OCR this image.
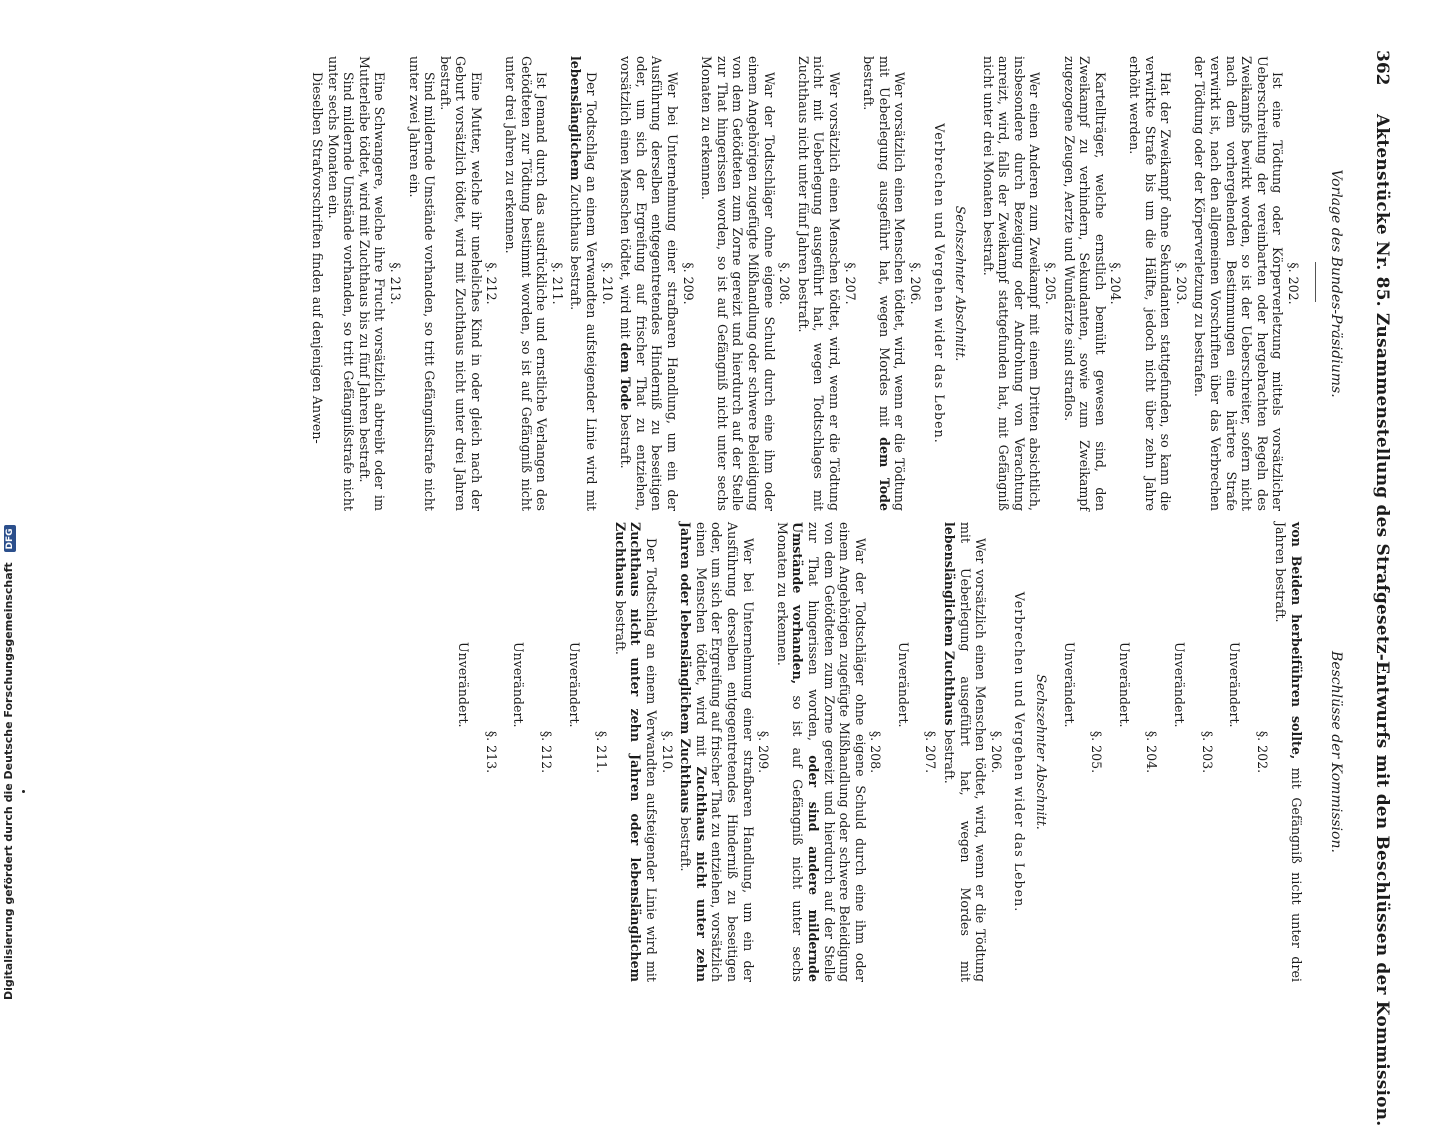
362
Aktenstücke Nr. 85. Zusammenstellung des Strafgesetz-Entwurfs mit den Beschlüssen der Kommission.
Vorlage des Bundes-Präsidiums.
Beschlüsse der Kommission.
§. 202.

Ist eine Tödtung oder Körperverletzung mittels vorsätzlicher Ueberschreitung der vereinbarten oder hergebrachten Regeln des Zweikampfs bewirkt worden, so ist der Ueberschreiter, sofern nicht nach dem vorhergehenden Bestimmungen eine härtere Strafe verwirkt ist, nach den allgemeinen Vorschriften über das Verbrechen der Tödtung oder der Körperverletzung zu bestrafen.

§. 203.

Hat der Zweikampf ohne Sekundanten stattgefunden, so kann die verwirkte Strafe bis um die Hälfte, jedoch nicht über zehn Jahre erhöht werden.

§. 204.

Kartellträger, welche ernstlich bemüht gewesen sind, den Zweikampf zu verhindern, Sekundanten, sowie zum Zweikampf zugezogene Zeugen, Aerzte und Wundärzte sind straflos.

§. 205.

Wer einen Anderen zum Zweikampf mit einem Dritten absichtlich, insbesondere durch Bezeigung oder Androhung von Verachtung anreizt, wird, falls der Zweikampf stattgefunden hat, mit Gefängniß nicht unter drei Monaten bestraft.

Sechszehnter Abschnitt.
Verbrechen und Vergehen wider das Leben.
§. 206.

Wer vorsätzlich einen Menschen tödtet, wird, wenn er die Tödtung mit Ueberlegung ausgeführt hat, wegen Mordes mit dem Tode bestraft.

§. 207.

Wer vorsätzlich einen Menschen tödtet, wird, wenn er die Tödtung nicht mit Ueberlegung ausgeführt hat, wegen Todtschlages mit Zuchthaus nicht unter fünf Jahren bestraft.

§. 208.

War der Todtschläger ohne eigene Schuld durch eine ihm oder einem Angehörigen zugefügte Mißhandlung oder schwere Beleidigung von dem Getödteten zum Zorne gereizt und hierdurch auf der Stelle zur That hingerissen worden, so ist auf Gefängniß nicht unter sechs Monaten zu erkennen.

§. 209.

Wer bei Unternehmung einer strafbaren Handlung, um ein der Ausführung derselben entgegentretendes Hinderniß zu beseitigen oder, um sich der Ergreifung auf frischer That zu entziehen, vorsätzlich einen Menschen tödtet, wird mit dem Tode bestraft.

§. 210.

Der Todtschlag an einem Verwandten aufsteigender Linie wird mit lebenslänglichem Zuchthaus bestraft.

§. 211.

Ist Jemand durch das ausdrückliche und ernstliche Verlangen des Getödteten zur Tödtung bestimmt worden, so ist auf Gefängniß nicht unter drei Jahren zu erkennen.

§. 212.

Eine Mutter, welche ihr uneheliches Kind in oder gleich nach der Geburt vorsätzlich tödtet, wird mit Zuchthaus nicht unter drei Jahren bestraft.

Sind mildernde Umstände vorhanden, so tritt Gefängnißstrafe nicht unter zwei Jahren ein.

§. 213.

Eine Schwangere, welche ihre Frucht vorsätzlich abtreibt oder im Mutterleibe tödtet, wird mit Zuchthaus bis zu fünf Jahren bestraft.

Sind mildernde Umstände vorhanden, so tritt Gefängnißstrafe nicht unter sechs Monaten ein.

Dieselben Strafvorschriften finden auf denjenigen Anwen-

von Beiden herbeiführen sollte, mit Gefängniß nicht unter drei Jahren bestraft.

§. 202.
Unverändert.
§. 203.
Unverändert.
§. 204.
Unverändert.
§. 205.
Unverändert.
Sechszehnter Abschnitt.
Verbrechen und Vergehen wider das Leben.
§. 206.

Wer vorsätzlich einen Menschen tödtet, wird, wenn er die Tödtung mit Ueberlegung ausgeführt hat, wegen Mordes mit lebenslänglichem Zuchthaus bestraft.

§. 207.
Unverändert.
§. 208.

War der Todtschläger ohne eigene Schuld durch eine ihm oder einem Angehörigen zugefügte Mißhandlung oder schwere Beleidigung von dem Getödteten zum Zorne gereizt und hierdurch auf der Stelle zur That hingerissen worden, oder sind andere mildernde Umstände vorhanden, so ist auf Gefängniß nicht unter sechs Monaten zu erkennen.

§. 209.

Wer bei Unternehmung einer strafbaren Handlung, um ein der Ausführung derselben entgegentretendes Hinderniß zu beseitigen oder, um sich der Ergreifung auf frischer That zu entziehen, vorsätzlich einen Menschen tödtet, wird mit Zuchthaus nicht unter zehn Jahren oder lebenslänglichem Zuchthaus bestraft.

§. 210.

Der Todtschlag an einem Verwandten aufsteigender Linie wird mit Zuchthaus nicht unter zehn Jahren oder lebenslänglichem Zuchthaus bestraft.

§. 211.
Unverändert.
§. 212.
Unverändert.
§. 213.
Unverändert.
Digitalisierung gefördert durch die Deutsche Forschungsgemeinschaft DFG
